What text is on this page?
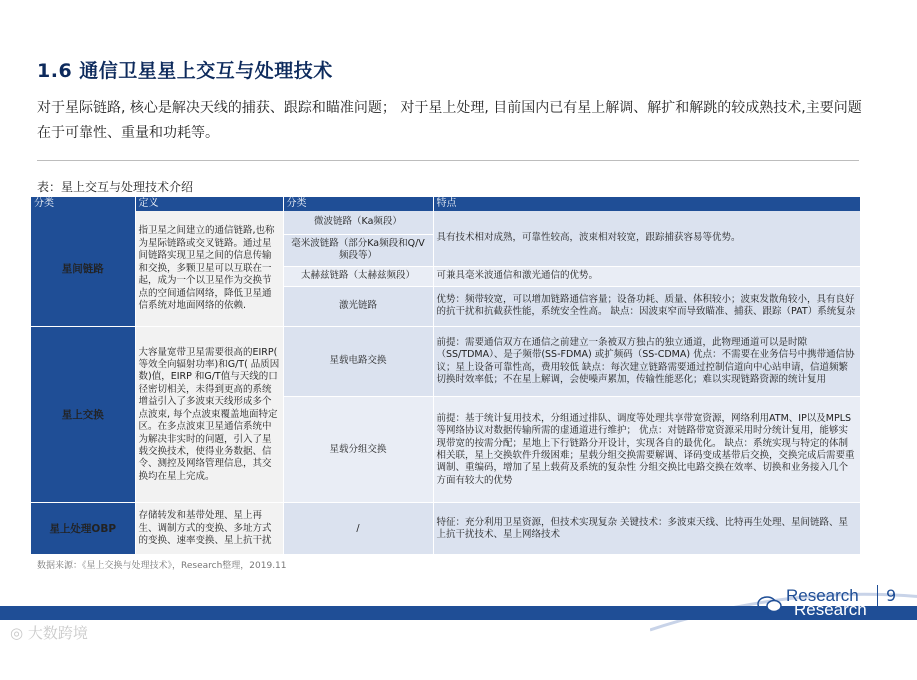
1.6 通信卫星星上交互与处理技术
对于星际链路, 核心是解决天线的捕获、跟踪和瞄准问题； 对于星上处理, 目前国内已有星上解调、解扩和解跳的较成熟技术,主要问题在于可靠性、重量和功耗等。
表：星上交互与处理技术介绍
分类	定义	分类	特点
星间链路	指卫星之间建立的通信链路,也称为星际链路或交叉链路。通过星间链路实现卫星之间的信息传输和交换，多颗卫星可以互联在一起，成为一个以卫星作为交换节点的空间通信网络，降低卫星通信系统对地面网络的依赖.	微波链路（Ka频段）	具有技术相对成熟，可靠性较高，波束相对较宽，跟踪捕获容易等优势。
		毫米波链路（部分Ka频段和Q/V频段等）	
		太赫兹链路（太赫兹频段）	可兼具毫米波通信和激光通信的优势。
		激光链路	优势：频带较宽，可以增加链路通信容量；设备功耗、质量、体积较小；波束发散角较小，具有良好的抗干扰和抗截获性能，系统安全性高。 缺点：因波束窄而导致瞄准、捕获、跟踪（PAT）系统复杂

星上交换	大容量宽带卫星需要很高的EIRP( 等效全向辐射功率)和G/T( 品质因数)值，EIRP 和G/T值与天线的口径密切相关，未得到更高的系统增益引入了多波束天线形成多个点波束, 每个点波束覆盖地面特定区。在多点波束卫星通信系统中为解决非实时的问题，引入了星载交换技术，使得业务数据、信令、测控及网络管理信息，其交换均在星上完成。	星载电路交换	前提：需要通信双方在通信之前建立一条被双方独占的独立通道，此物理通道可以是时隙（SS/TDMA）、是子频带(SS-FDMA) 或扩频码（SS-CDMA) 优点：不需要在业务信号中携带通信协议；星上设备可靠性高，费用较低 缺点：每次建立链路需要通过控制信道向中心站申请，信道频繁切换时效率低；不在星上解调，会使噪声累加，传输性能恶化；难以实现链路资源的统计复用
		星载分组交换	前提：基于统计复用技术，分组通过排队、调度等处理共享带宽资源，网络利用ATM、IP以及MPLS等网络协议对数据传输所需的虚通道进行维护； 优点：对链路带宽资源采用时分统计复用，能够实现带宽的按需分配；星地上下行链路分开设计，实现各自的最优化。 缺点：系统实现与特定的体制相关联，星上交换软件升级困难；星载分组交换需要解调、译码变成基带后交换，交换完成后需要重调制、重编码，增加了星上载荷及系统的复杂性 分组交换比电路交换在效率、切换和业务接入几个方面有较大的优势
星上处理OBP	存储转发和基带处理、星上再生、调制方式的变换、多址方式的变换、速率变换、星上抗干扰	/	特征：充分利用卫星资源，但技术实现复杂 关键技术：多波束天线、比特再生处理、星间链路、星上抗干扰技术、星上网络技术
数据来源：《星上交换与处理技术》，Research整理，2019.11
Research
Research
9
◎ 大数跨境
